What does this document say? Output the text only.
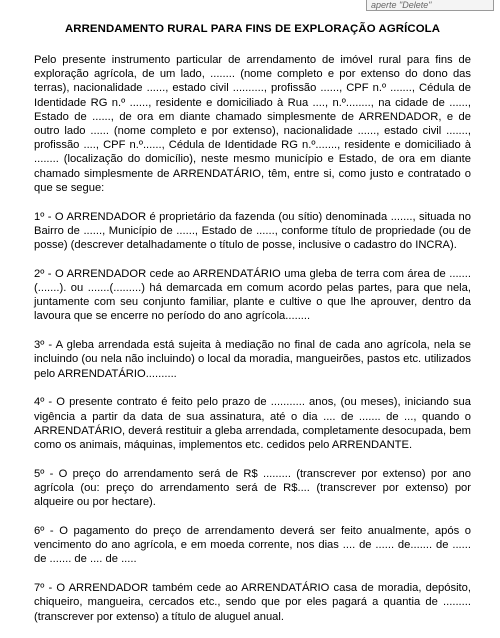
aperte "Delete"
ARRENDAMENTO RURAL PARA FINS DE EXPLORAÇÃO AGRÍCOLA

Pelo presente instrumento particular de arrendamento de imóvel rural para fins de exploração agrícola, de um lado, ........ (nome completo e por extenso do dono das terras), nacionalidade ......, estado civil .........., profissão ......, CPF n.º ......., Cédula de Identidade RG n.º ......, residente e domiciliado à Rua ...., n.º........, na cidade de ......, Estado de ......, de ora em diante chamado simplesmente de ARRENDADOR, e de outro lado ...... (nome completo e por extenso), nacionalidade ......, estado civil ......., profissão ...., CPF n.º......, Cédula de Identidade RG n.º......., residente e domiciliado à ........ (localização do domicílio), neste mesmo município e Estado, de ora em diante chamado simplesmente de ARRENDATÁRIO, têm, entre si, como justo e contratado o que se segue:

1º - O ARRENDADOR é proprietário da fazenda (ou sítio) denominada ......., situada no Bairro de ......, Município de ......, Estado de ......, conforme título de propriedade (ou de posse) (descrever detalhadamente o título de posse, inclusive o cadastro do INCRA).

2º - O ARRENDADOR cede ao ARRENDATÁRIO uma gleba de terra com área de ....... (.......). ou .......(.........) há demarcada em comum acordo pelas partes, para que nela, juntamente com seu conjunto familiar, plante e cultive o que lhe aprouver, dentro da lavoura que se encerre no período do ano agrícola........

3º - A gleba arrendada está sujeita à mediação no final de cada ano agrícola, nela se incluindo (ou nela não incluindo) o local da moradia, mangueirões, pastos etc. utilizados pelo ARRENDATÁRIO..........

4º - O presente contrato é feito pelo prazo de ........... anos, (ou meses), iniciando sua vigência a partir da data de sua assinatura, até o dia .... de ....... de ..., quando o ARRENDATÁRIO, deverá restituir a gleba arrendada, completamente desocupada, bem como os animais, máquinas, implementos etc. cedidos pelo ARRENDANTE.

5º - O preço do arrendamento será de R$ ......... (transcrever por extenso) por ano agrícola (ou: preço do arrendamento será de R$.... (transcrever por extenso) por alqueire ou por hectare).

6º - O pagamento do preço de arrendamento deverá ser feito anualmente, após o vencimento do ano agrícola, e em moeda corrente, nos dias .... de ...... de....... de ...... de ....... de .... de .....

7º - O ARRENDADOR também cede ao ARRENDATÁRIO casa de moradia, depósito, chiqueiro, mangueira, cercados etc., sendo que por eles pagará a quantia de ......... (transcrever por extenso) a título de aluguel anual.
